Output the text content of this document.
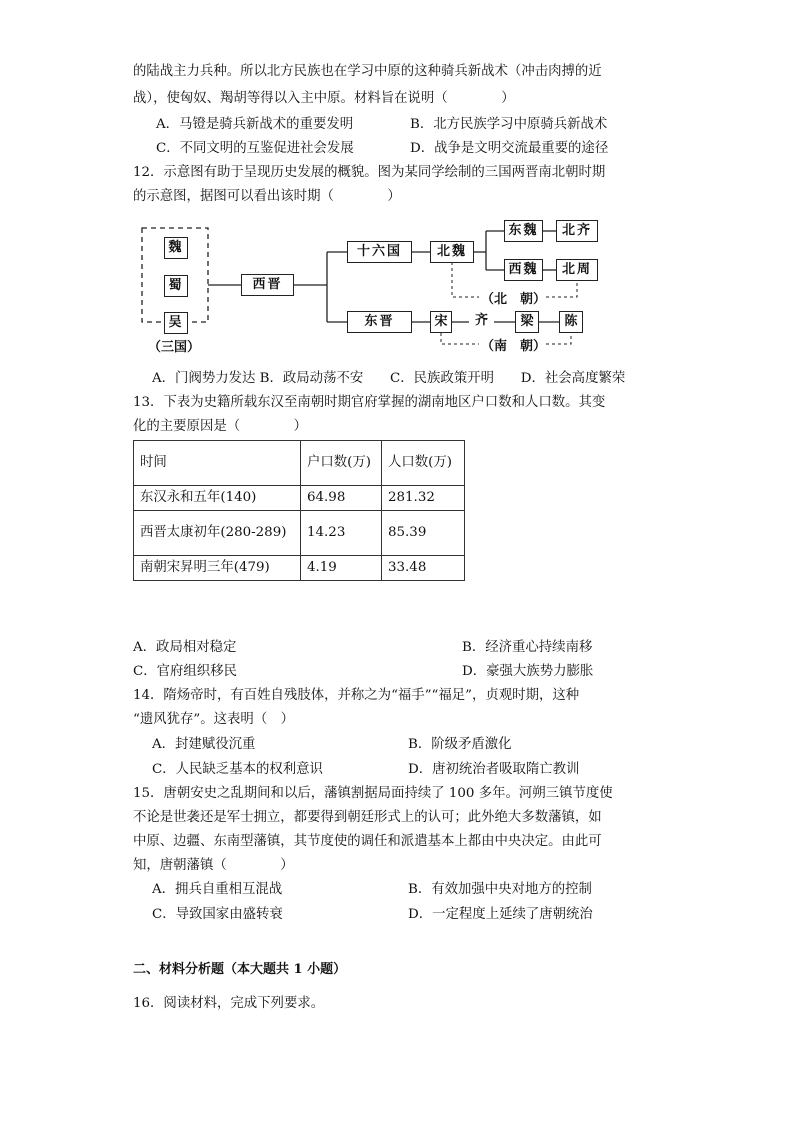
的陆战主力兵种。所以北方民族也在学习中原的这种骑兵新战术（冲击肉搏的近
战），使匈奴、羯胡等得以入主中原。材料旨在说明（　　　　）
A．马镫是骑兵新战术的重要发明	B．北方民族学习中原骑兵新战术
C．不同文明的互鉴促进社会发展	D．战争是文明交流最重要的途径
12．示意图有助于呈现历史发展的概貌。图为某同学绘制的三国两晋南北朝时期
的示意图，据图可以看出该时期（　　　　）
魏
蜀
吴
（三国）
西晋
十六国	北魏
东魏	北齐
西魏	北周
（北　朝）
东晋	宋	齐	梁	陈
（南　朝）
A．门阀势力发达 B．政局动荡不安　　C．民族政策开明　　D．社会高度繁荣
13．下表为史籍所载东汉至南朝时期官府掌握的湖南地区户口数和人口数。其变
化的主要原因是（　　　　）
时间	户口数(万)	人口数(万)
东汉永和五年(140)	64.98	281.32
西晋太康初年(280-289)	14.23	85.39
南朝宋昇明三年(479)	4.19	33.48
A．政局相对稳定	B．经济重心持续南移
C．官府组织移民	D．豪强大族势力膨胀
14．隋炀帝时，有百姓自残肢体，并称之为“福手”“福足”，贞观时期，这种
“遗风犹存”。这表明（　）
A．封建赋役沉重	B．阶级矛盾激化
C．人民缺乏基本的权利意识	D．唐初统治者吸取隋亡教训
15．唐朝安史之乱期间和以后，藩镇割据局面持续了 100 多年。河朔三镇节度使
不论是世袭还是军士拥立，都要得到朝廷形式上的认可；此外绝大多数藩镇，如
中原、边疆、东南型藩镇，其节度使的调任和派遣基本上都由中央决定。由此可
知，唐朝藩镇（　　　　）
A．拥兵自重相互混战	B．有效加强中央对地方的控制
C．导致国家由盛转衰	D．一定程度上延续了唐朝统治
二、材料分析题（本大题共 1 小题）
16．阅读材料，完成下列要求。
